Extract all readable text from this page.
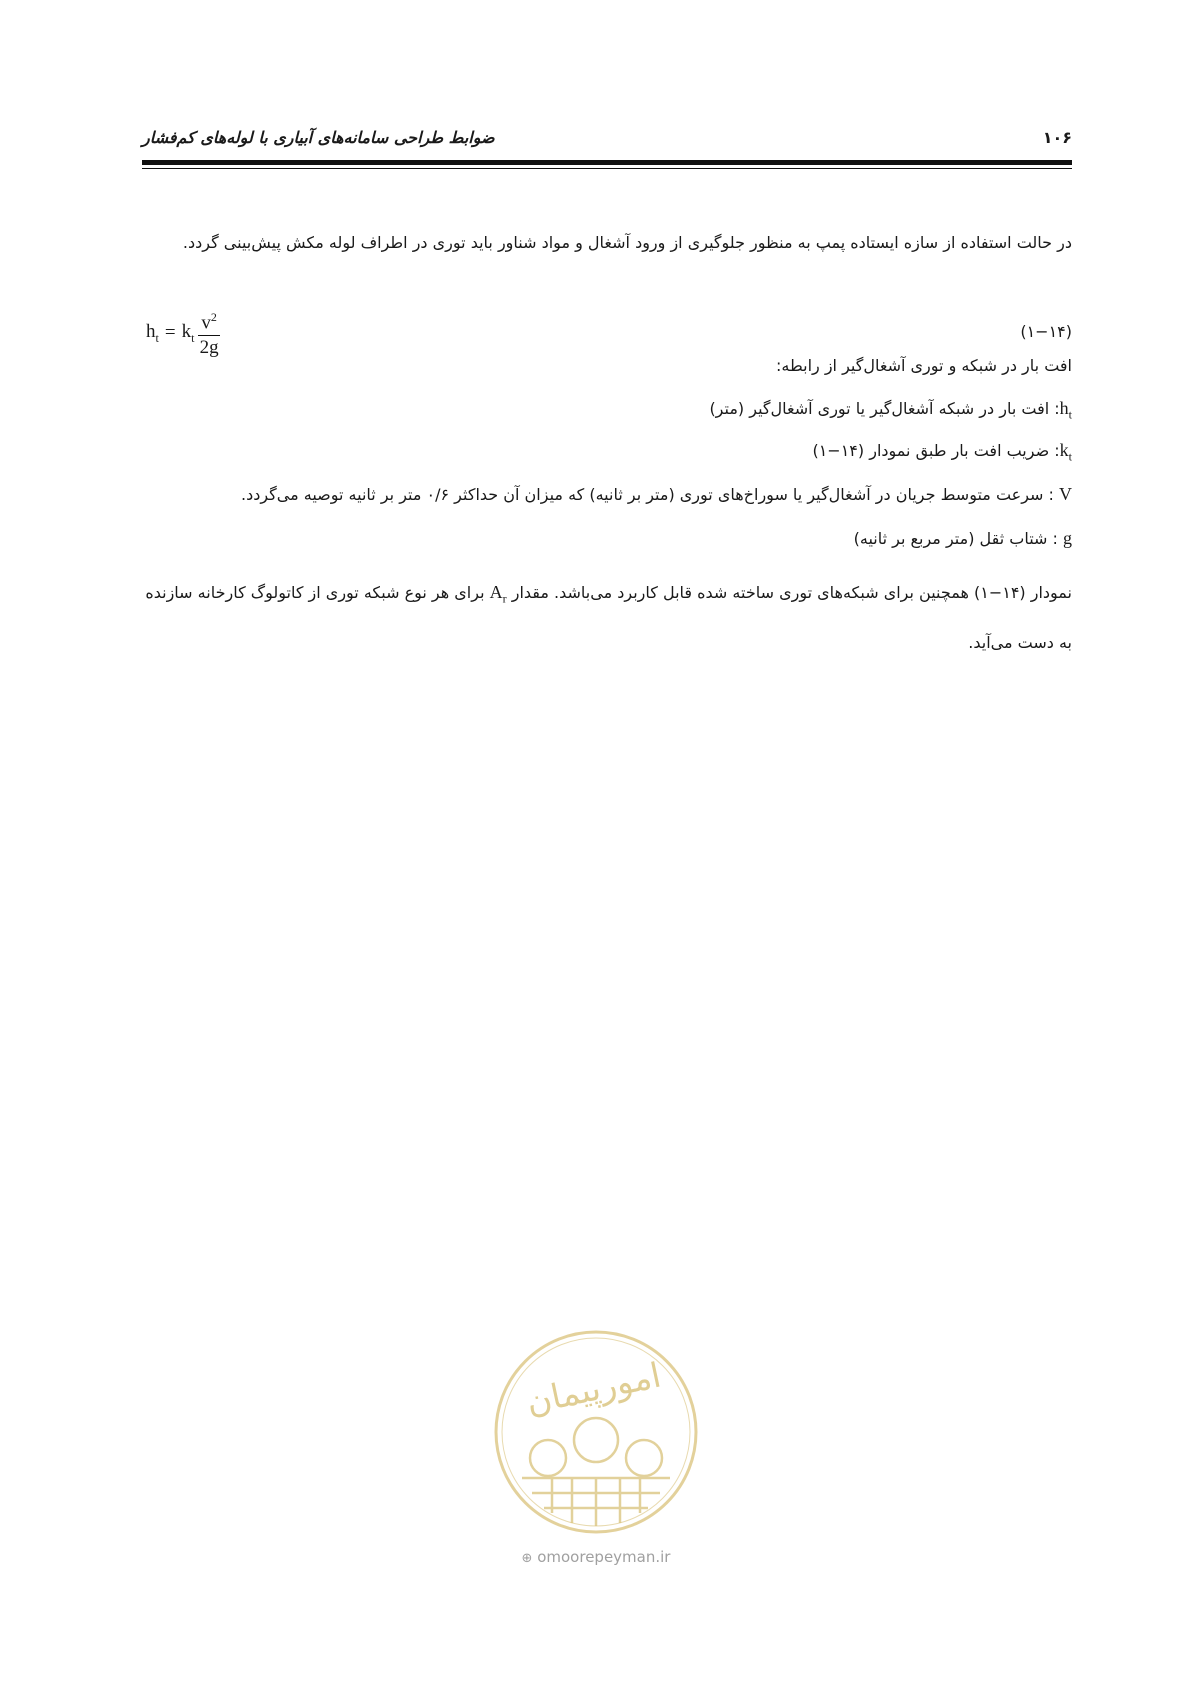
ضوابط طراحی سامانه‌های آبیاری با لوله‌های کم‌فشار	۱۰۶
در حالت استفاده از سازه ایستاده پمپ به منظور جلوگیری از ورود آشغال و مواد شناور باید توری در اطراف لوله مکش پیش‌بینی گردد.
$h_t = k_t \frac{v^2}{2g}$	(۱−۱۴)
افت بار در شبکه و توری آشغال‌گیر از رابطه:
$h_t$: افت بار در شبکه آشغال‌گیر یا توری آشغال‌گیر (متر)
$k_t$: ضریب افت بار طبق نمودار (۱۴−۱)
V : سرعت متوسط جریان در آشغال‌گیر یا سوراخ‌های توری (متر بر ثانیه) که میزان آن حداکثر ۰/۶ متر بر ثانیه توصیه می‌گردد.
g : شتاب ثقل (متر مربع بر ثانیه)
نمودار (۱۴−۱) همچنین برای شبکه‌های توری ساخته شده قابل کاربرد می‌باشد. مقدار $A_r$ برای هر نوع شبکه توری از کاتولوگ کارخانه سازنده به دست می‌آید.
امورپیمان
⊕ omoorepeyman.ir
